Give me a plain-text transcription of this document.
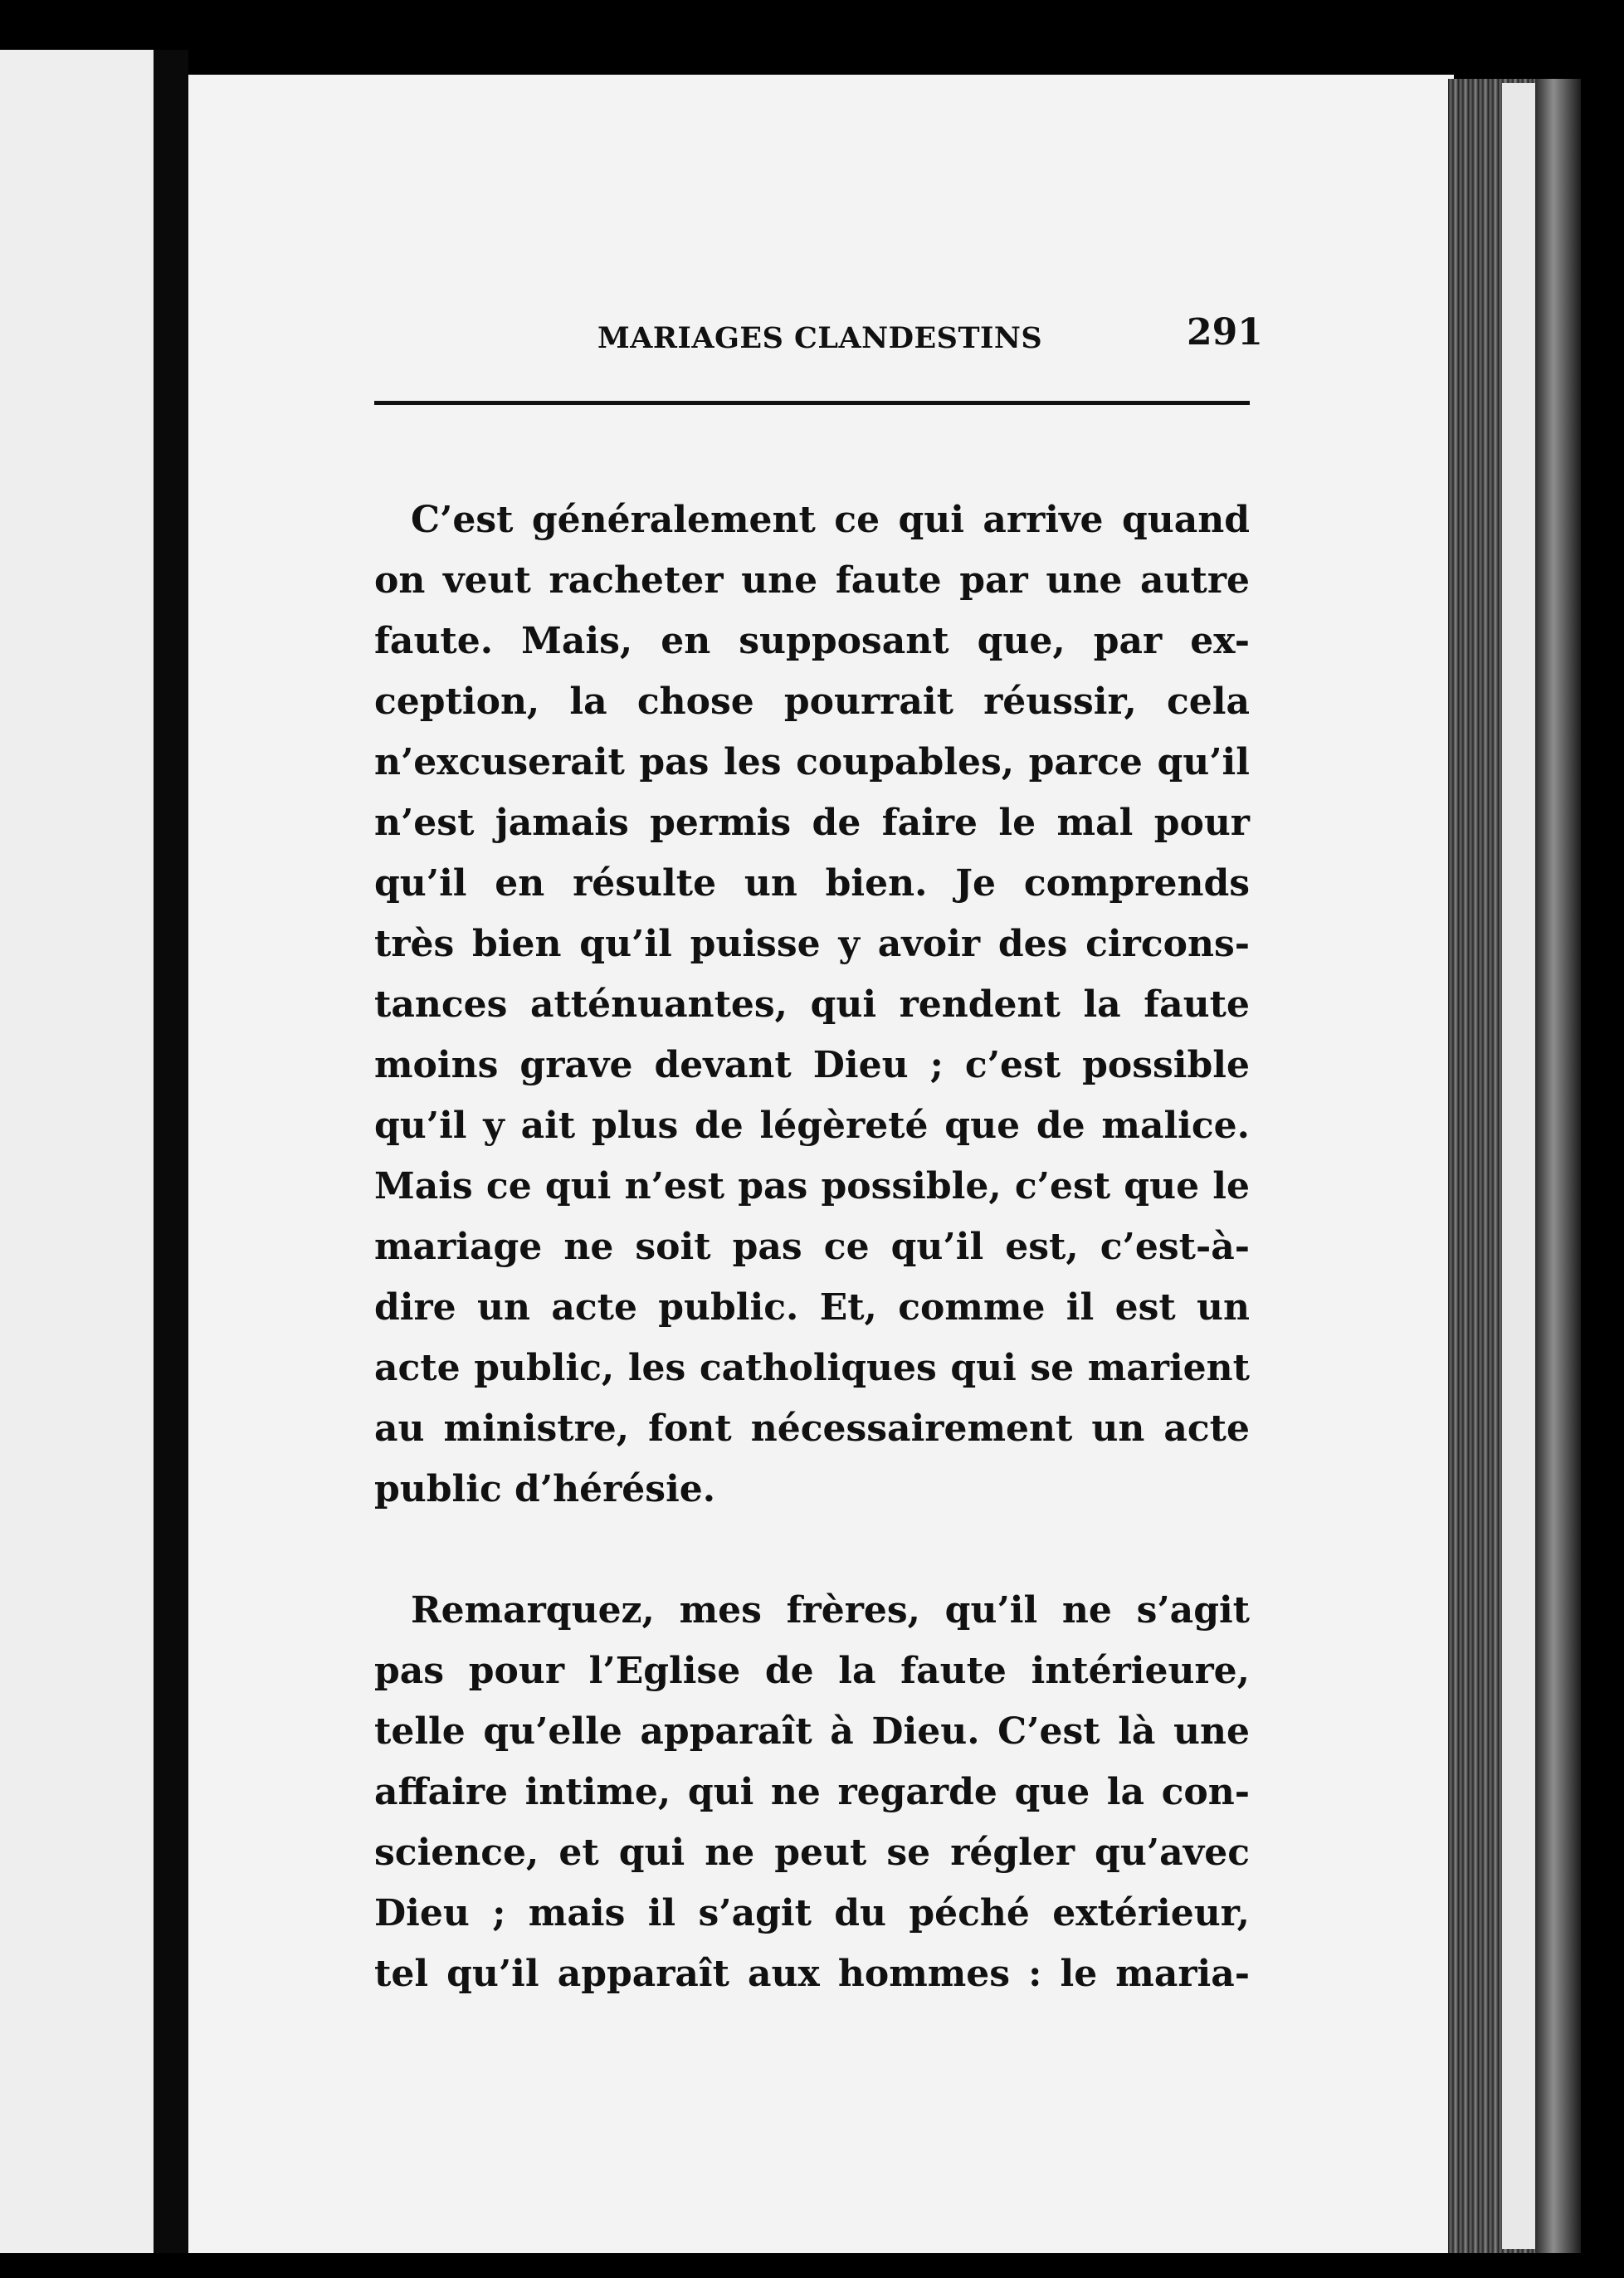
MARIAGES CLANDESTINS	291
 C’est généralement ce qui arrive quand
on veut racheter une faute par une autre
faute. Mais, en supposant que, par ex-
ception, la chose pourrait réussir, cela
n’excuserait pas les coupables, parce qu’il
n’est jamais permis de faire le mal pour
qu’il en résulte un bien. Je comprends
très bien qu’il puisse y avoir des circons-
tances atténuantes, qui rendent la faute
moins grave devant Dieu ; c’est possible
qu’il y ait plus de légèreté que de malice.
Mais ce qui n’est pas possible, c’est que le
mariage ne soit pas ce qu’il est, c’est-à-
dire un acte public. Et, comme il est un
acte public, les catholiques qui se marient
au ministre, font nécessairement un acte
public d’hérésie.
 Remarquez, mes frères, qu’il ne s’agit
pas pour l’Eglise de la faute intérieure,
telle qu’elle apparaît à Dieu. C’est là une
affaire intime, qui ne regarde que la con-
science, et qui ne peut se régler qu’avec
Dieu ; mais il s’agit du péché extérieur,
tel qu’il apparaît aux hommes : le maria-
